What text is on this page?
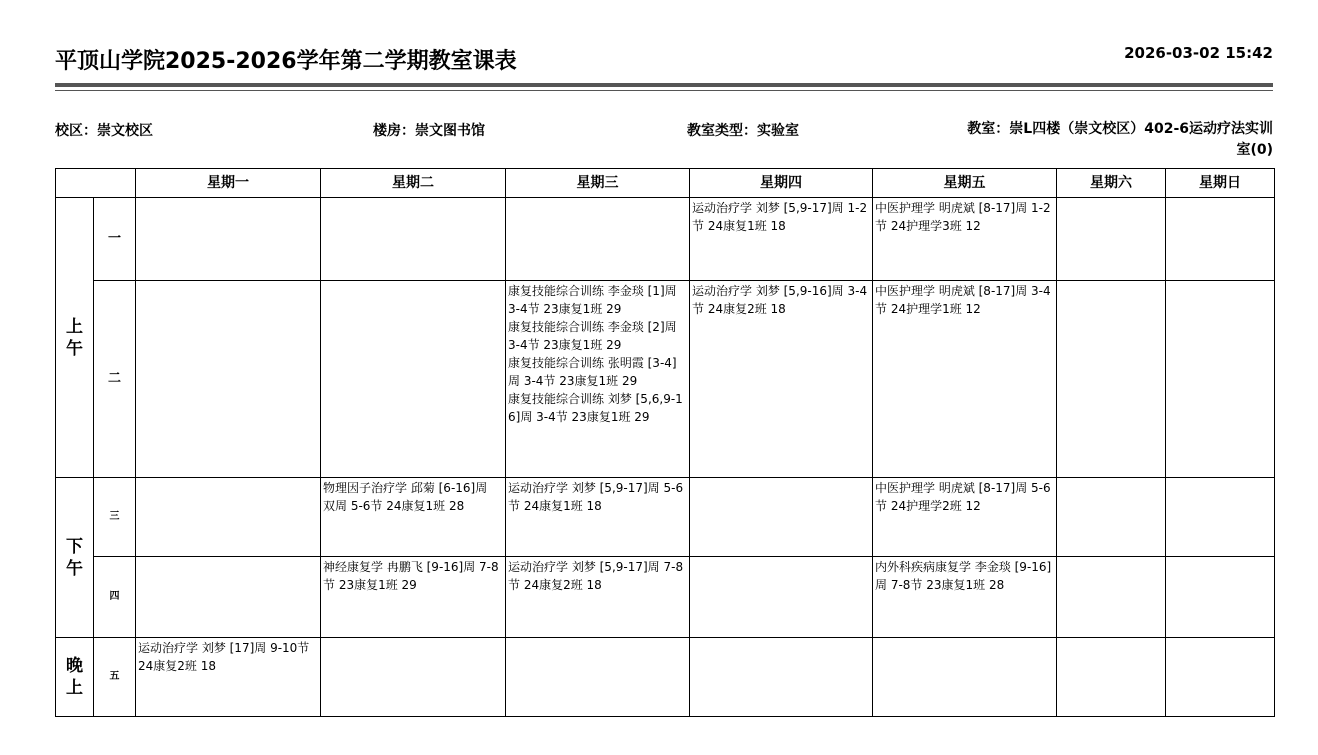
平顶山学院2025-2026学年第二学期教室课表	2026-03-02 15:42
校区：崇文校区	楼房：崇文图书馆	教室类型：实验室	教室：崇L四楼（崇文校区）402-6运动疗法实训
室(0)
		星期一	星期二	星期三	星期四	星期五	星期六	星期日

上
午	一				运动治疗学 刘梦 [5,9-17]周 1-2节 24康复1班 18	中医护理学 明虎斌 [8-17]周 1-2节 24护理学3班 12		

	二			康复技能综合训练 李金琰 [1]周 3-4节 23康复1班 29
康复技能综合训练 李金琰 [2]周 3-4节 23康复1班 29
康复技能综合训练 张明霞 [3-4]周 3-4节 23康复1班 29
康复技能综合训练 刘梦 [5,6,9-16]周 3-4节 23康复1班 29	运动治疗学 刘梦 [5,9-16]周 3-4节 24康复2班 18	中医护理学 明虎斌 [8-17]周 3-4节 24护理学1班 12		

下
午	三		物理因子治疗学 邱菊 [6-16]周 双周 5-6节 24康复1班 28	运动治疗学 刘梦 [5,9-17]周 5-6节 24康复1班 18		中医护理学 明虎斌 [8-17]周 5-6节 24护理学2班 12		

	四		神经康复学 冉鹏飞 [9-16]周 7-8节 23康复1班 29	运动治疗学 刘梦 [5,9-17]周 7-8节 24康复2班 18		内外科疾病康复学 李金琰 [9-16]周 7-8节 23康复1班 28		

晚
上	五	运动治疗学 刘梦 [17]周 9-10节 24康复2班 18						
